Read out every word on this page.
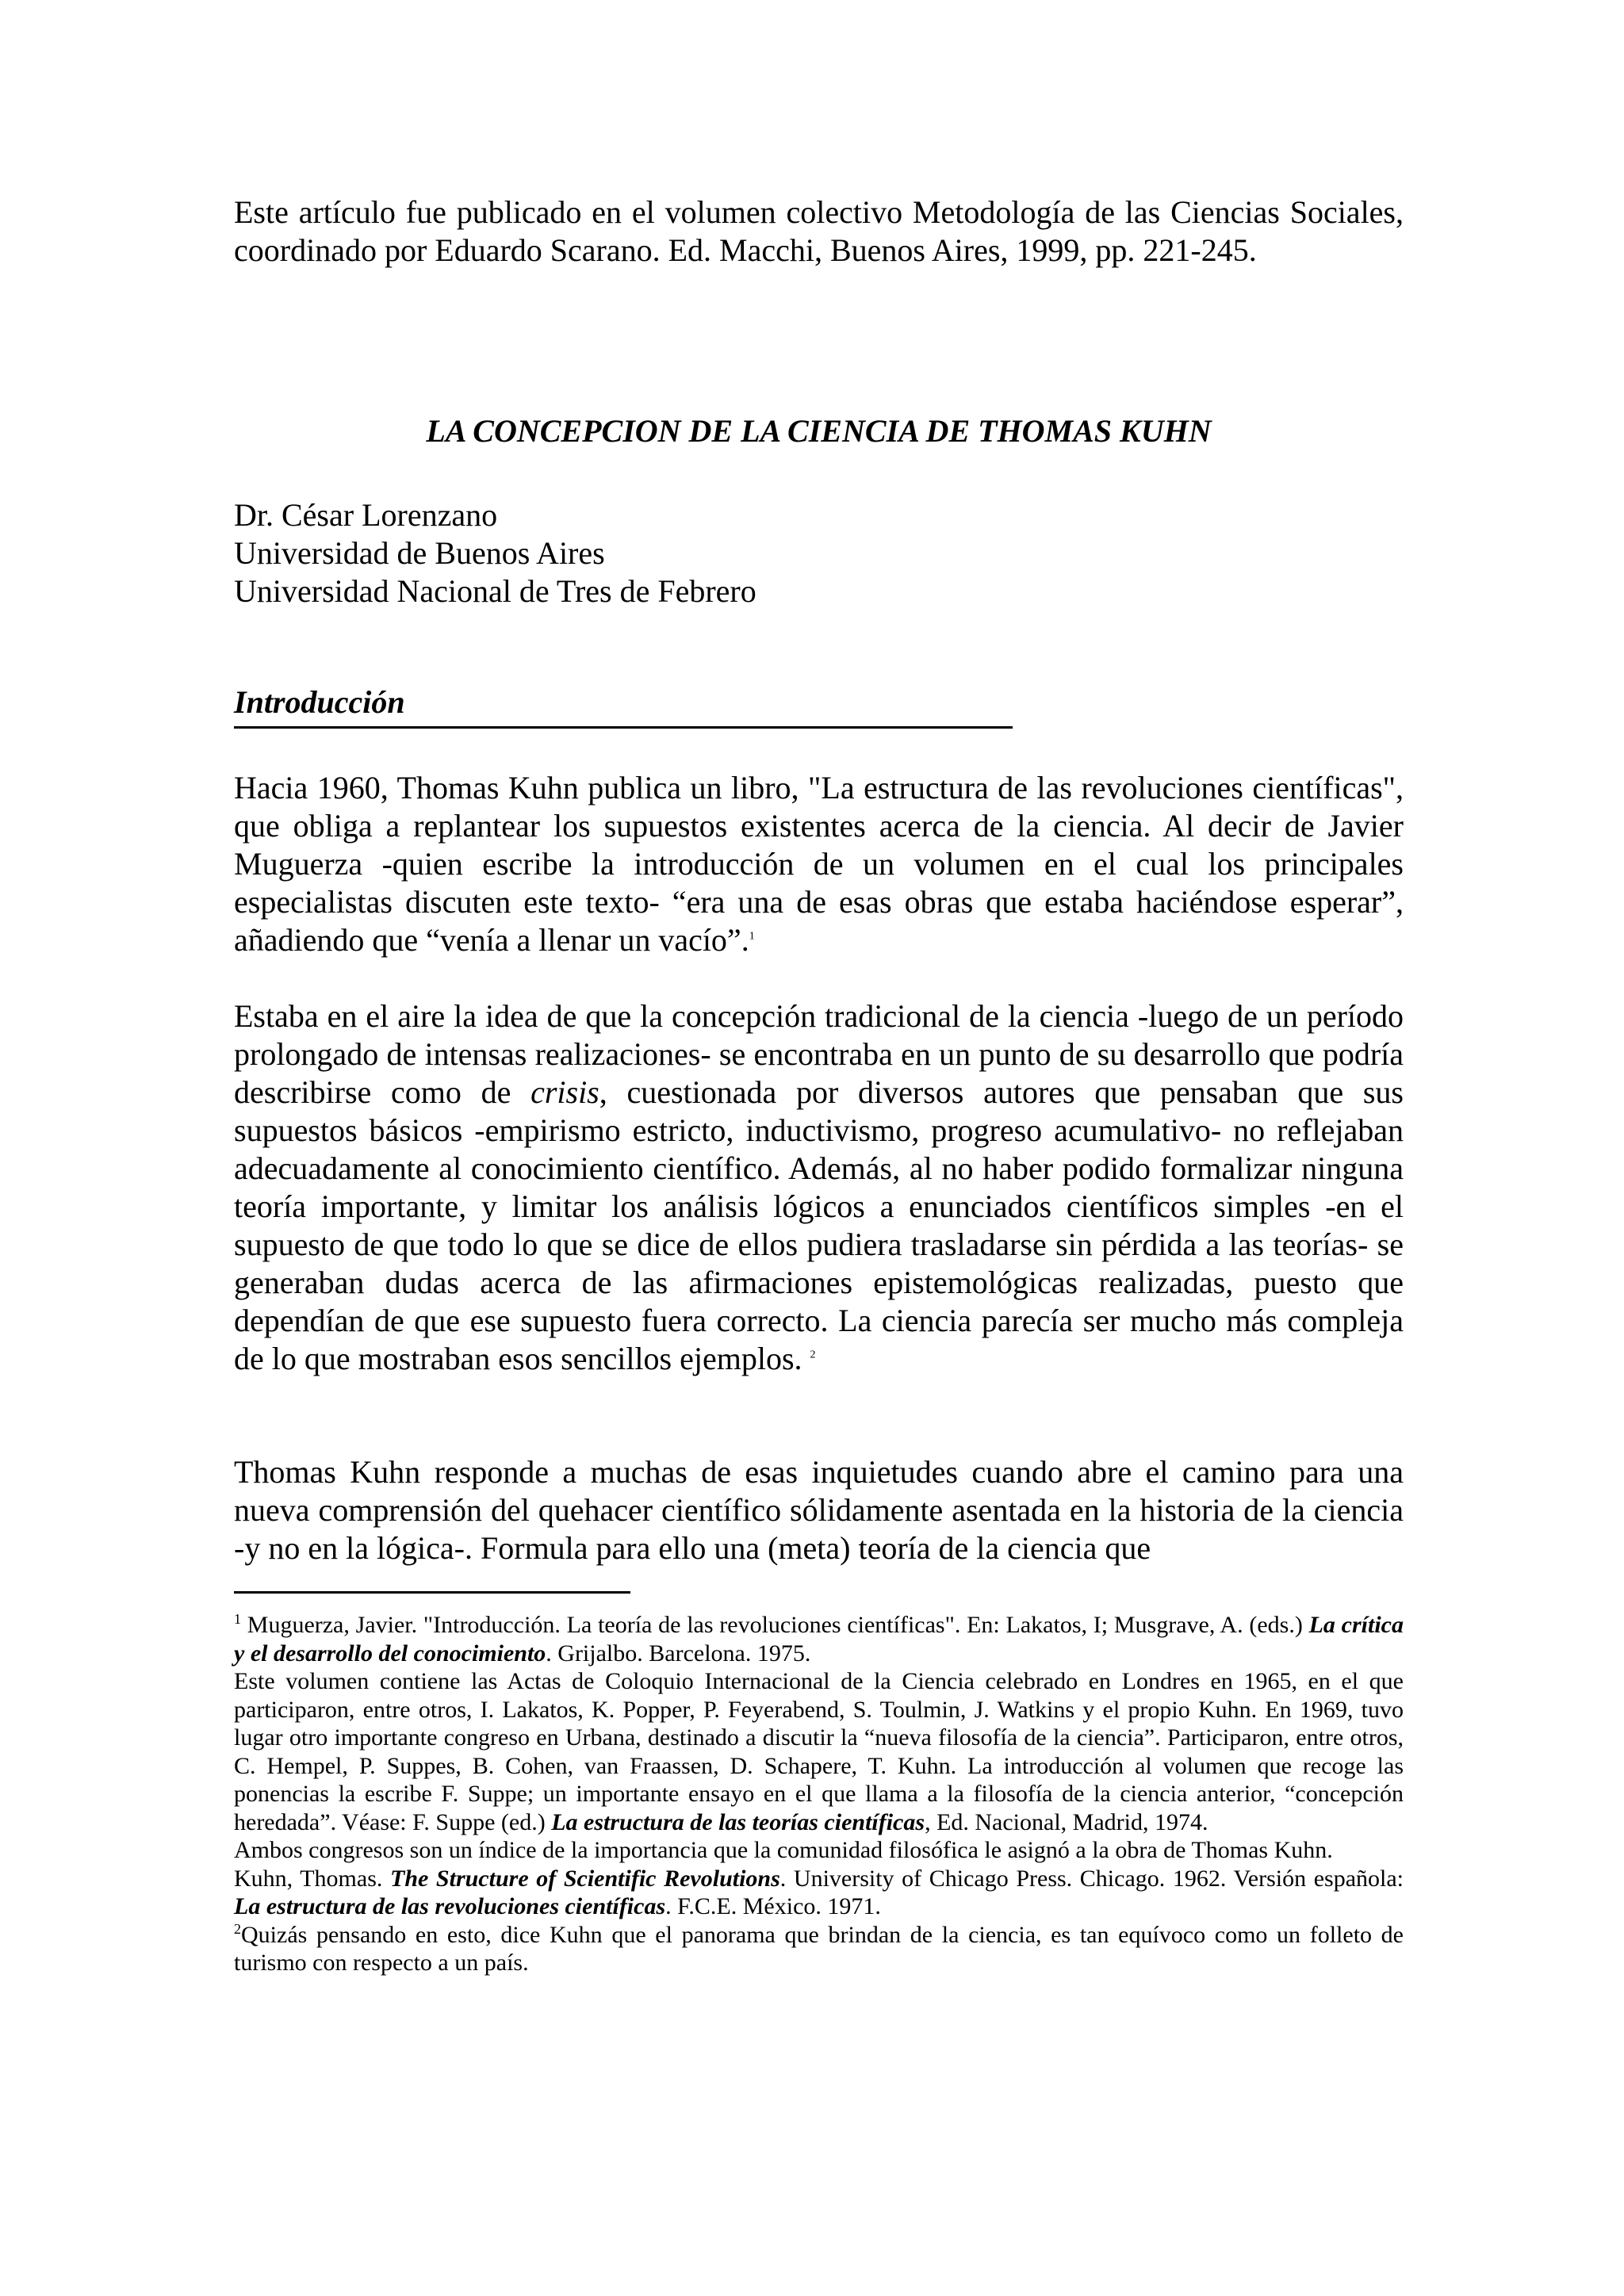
Este artículo fue publicado en el volumen colectivo Metodología de las Ciencias Sociales, coordinado por Eduardo Scarano. Ed. Macchi, Buenos Aires, 1999, pp. 221-245.

LA CONCEPCION DE LA CIENCIA DE THOMAS KUHN
Dr. César Lorenzano
Universidad de Buenos Aires
Universidad Nacional de Tres de Febrero
Introducción

Hacia 1960, Thomas Kuhn publica un libro, "La estructura de las revoluciones científicas", que obliga a replantear los supuestos existentes acerca de la ciencia. Al decir de Javier Muguerza -quien escribe la introducción de un volumen en el cual los principales especialistas discuten este texto- “era una de esas obras que estaba haciéndose esperar”, añadiendo que “venía a llenar un vacío”.$^1$

Estaba en el aire la idea de que la concepción tradicional de la ciencia -luego de un período prolongado de intensas realizaciones- se encontraba en un punto de su desarrollo que podría describirse como de crisis, cuestionada por diversos autores que pensaban que sus supuestos básicos -empirismo estricto, inductivismo, progreso acumulativo- no reflejaban adecuadamente al conocimiento científico. Además, al no haber podido formalizar ninguna teoría importante, y limitar los análisis lógicos a enunciados científicos simples -en el supuesto de que todo lo que se dice de ellos pudiera trasladarse sin pérdida a las teorías- se generaban dudas acerca de las afirmaciones epistemológicas realizadas, puesto que dependían de que ese supuesto fuera correcto. La ciencia parecía ser mucho más compleja de lo que mostraban esos sencillos ejemplos. $^2$

Thomas Kuhn responde a muchas de esas inquietudes cuando abre el camino para una nueva comprensión del quehacer científico sólidamente asentada en la historia de la ciencia -y no en la lógica-. Formula para ello una (meta) teoría de la ciencia que

$^1$ Muguerza, Javier. "Introducción. La teoría de las revoluciones científicas". En: Lakatos, I; Musgrave, A. (eds.) La crítica y el desarrollo del conocimiento. Grijalbo. Barcelona. 1975.

Este volumen contiene las Actas de Coloquio Internacional de la Ciencia celebrado en Londres en 1965, en el que participaron, entre otros, I. Lakatos, K. Popper, P. Feyerabend, S. Toulmin, J. Watkins y el propio Kuhn. En 1969, tuvo lugar otro importante congreso en Urbana, destinado a discutir la “nueva filosofía de la ciencia”. Participaron, entre otros, C. Hempel, P. Suppes, B. Cohen, van Fraassen, D. Schapere, T. Kuhn. La introducción al volumen que recoge las ponencias la escribe F. Suppe; un importante ensayo en el que llama a la filosofía de la ciencia anterior, “concepción heredada”. Véase: F. Suppe (ed.) La estructura de las teorías científicas, Ed. Nacional, Madrid, 1974.

Ambos congresos son un índice de la importancia que la comunidad filosófica le asignó a la obra de Thomas Kuhn.

Kuhn, Thomas. The Structure of Scientific Revolutions. University of Chicago Press. Chicago. 1962. Versión española: La estructura de las revoluciones científicas. F.C.E. México. 1971.

$^2$Quizás pensando en esto, dice Kuhn que el panorama que brindan de la ciencia, es tan equívoco como un folleto de turismo con respecto a un país.
